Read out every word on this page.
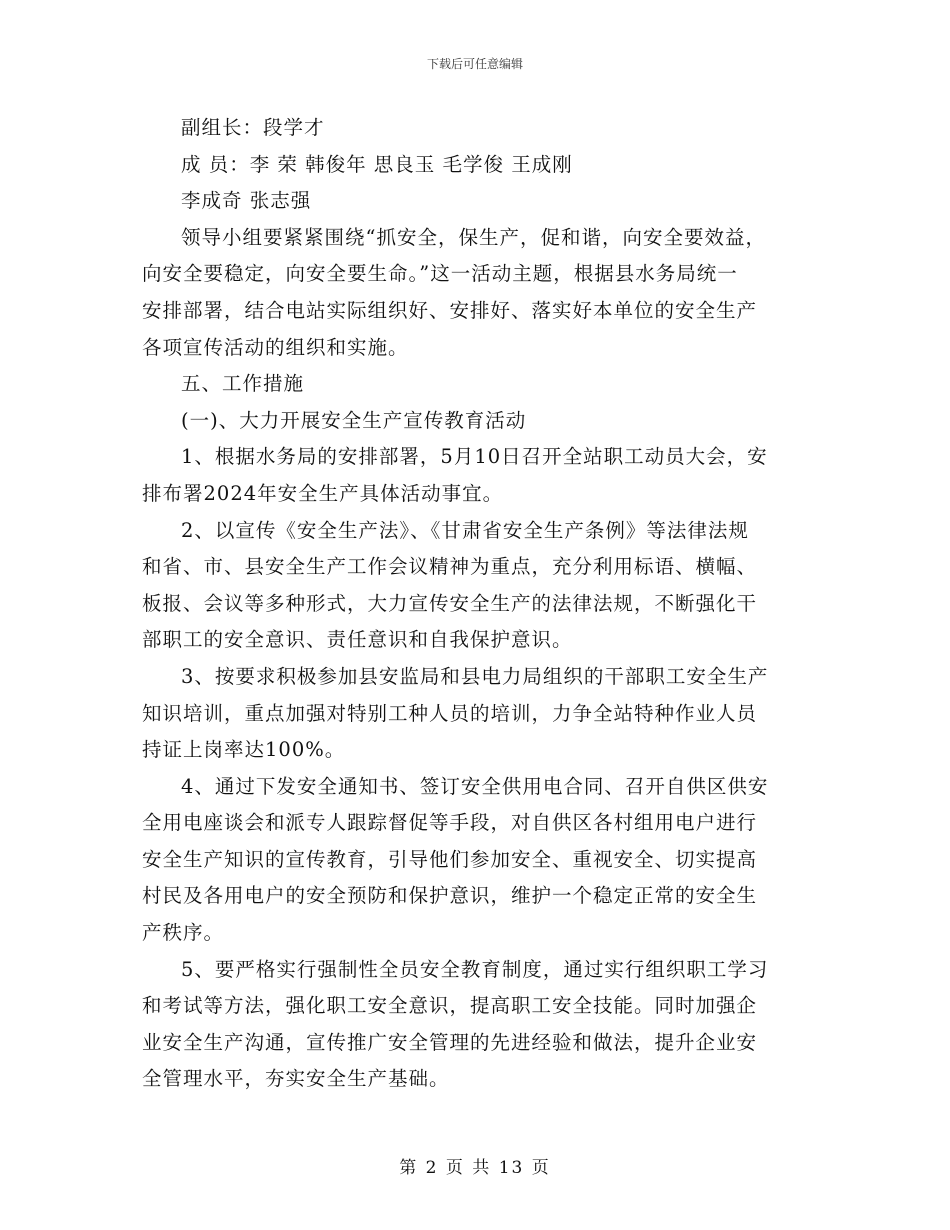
下载后可任意编辑
副组长：段学才
成 员：李 荣 韩俊年 思良玉 毛学俊 王成刚
李成奇 张志强
领导小组要紧紧围绕“抓安全，保生产，促和谐，向安全要效益，
向安全要稳定，向安全要生命。”这一活动主题，根据县水务局统一
安排部署，结合电站实际组织好、安排好、落实好本单位的安全生产
各项宣传活动的组织和实施。
五、工作措施
(一)、大力开展安全生产宣传教育活动
1、根据水务局的安排部署，5月10日召开全站职工动员大会，安
排布署2024年安全生产具体活动事宜。
2、以宣传《安全生产法》、《甘肃省安全生产条例》等法律法规
和省、市、县安全生产工作会议精神为重点，充分利用标语、横幅、
板报、会议等多种形式，大力宣传安全生产的法律法规，不断强化干
部职工的安全意识、责任意识和自我保护意识。
3、按要求积极参加县安监局和县电力局组织的干部职工安全生产
知识培训，重点加强对特别工种人员的培训，力争全站特种作业人员
持证上岗率达100%。
4、通过下发安全通知书、签订安全供用电合同、召开自供区供安
全用电座谈会和派专人跟踪督促等手段，对自供区各村组用电户进行
安全生产知识的宣传教育，引导他们参加安全、重视安全、切实提高
村民及各用电户的安全预防和保护意识，维护一个稳定正常的安全生
产秩序。
5、要严格实行强制性全员安全教育制度，通过实行组织职工学习
和考试等方法，强化职工安全意识，提高职工安全技能。同时加强企
业安全生产沟通，宣传推广安全管理的先进经验和做法，提升企业安
全管理水平，夯实安全生产基础。
第 2 页 共 13 页
